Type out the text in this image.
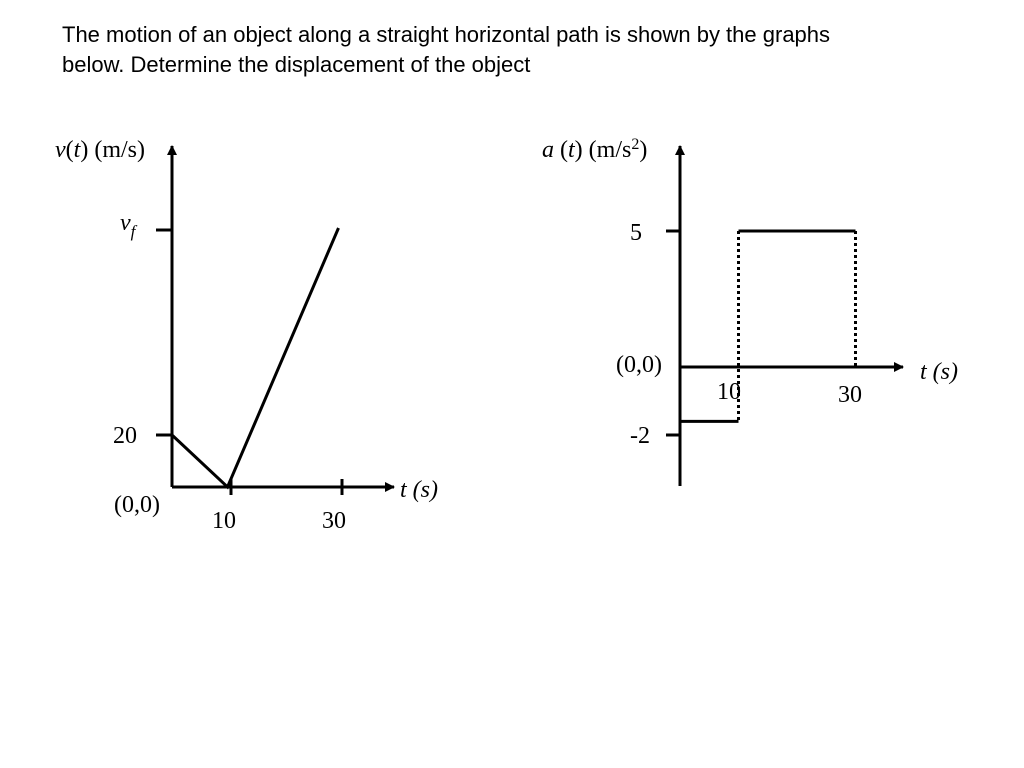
The motion of an object along a straight horizontal path is shown by the graphs
below. Determine the displacement of the object
v(t) (m/s)
$v_f$
20
(0,0)
10	30
t (s)
a (t) $(m/s^2)$
5
-2
(0,0)
10	30
t (s)
